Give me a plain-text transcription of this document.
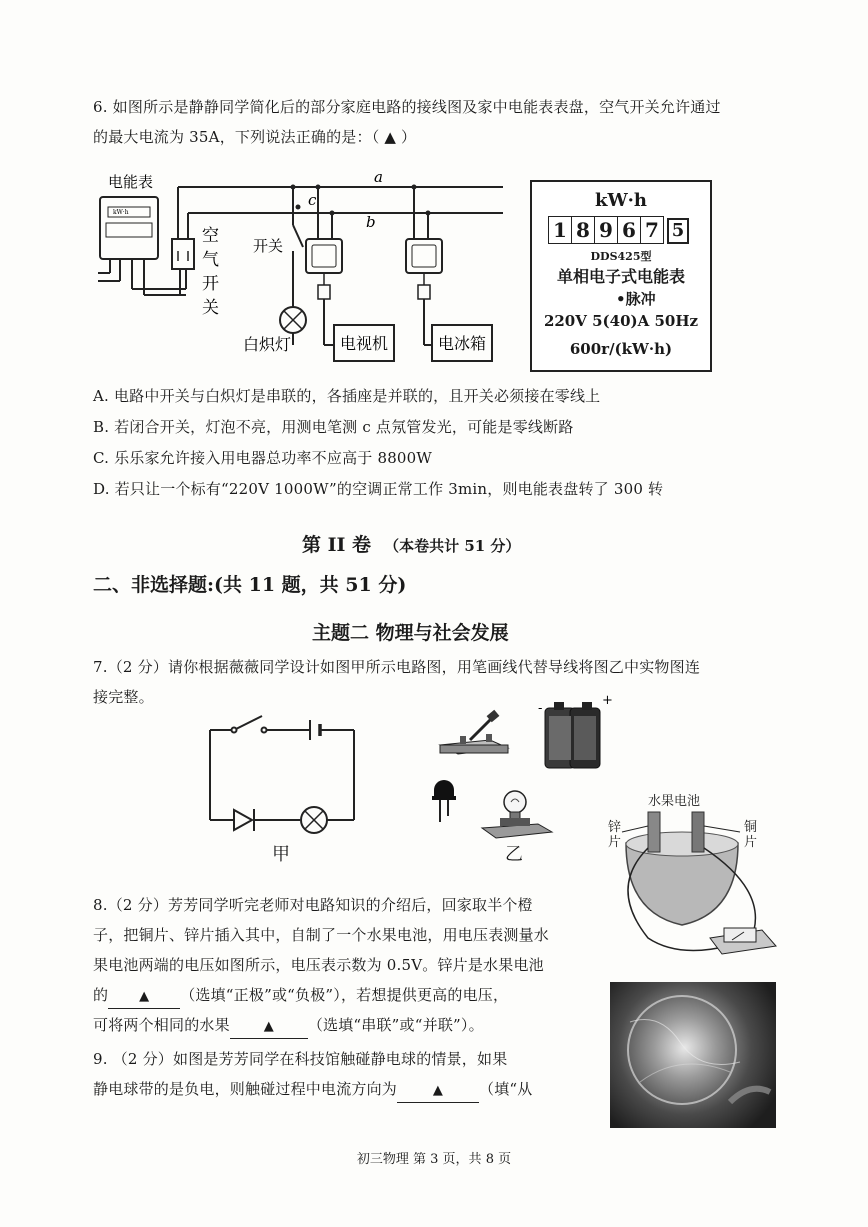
6. 如图所示是静静同学简化后的部分家庭电路的接线图及家中电能表表盘，空气开关允许通过
的最大电流为 35A，下列说法正确的是：（ ▲ ）
电能表
空
气
开
关
开关
白炽灯	电视机	电冰箱
a
b
c
kW·h
kW·h
1 8 9 6 7 5
DDS425型
单相电子式电能表
•脉冲
220V 5(40)A 50Hz
600r/(kW·h)
A. 电路中开关与白炽灯是串联的，各插座是并联的，且开关必须接在零线上
B. 若闭合开关，灯泡不亮，用测电笔测 c 点氖管发光，可能是零线断路
C. 乐乐家允许接入用电器总功率不应高于 8800W
D. 若只让一个标有“220V 1000W”的空调正常工作 3min，则电能表盘转了 300 转
第 II 卷 （本卷共计 51 分）
二、非选择题:(共 11 题，共 51 分)
主题二 物理与社会发展
7.（2 分）请你根据薇薇同学设计如图甲所示电路图，用笔画线代替导线将图乙中实物图连
接完整。
甲
-
+
乙
水果电池
锌
片
铜
片
8.（2 分）芳芳同学听完老师对电路知识的介绍后，回家取半个橙
子，把铜片、锌片插入其中，自制了一个水果电池，用电压表测量水
果电池两端的电压如图所示，电压表示数为 0.5V。锌片是水果电池
的 ▲ （选填“正极”或“负极”），若想提供更高的电压，
可将两个相同的水果	▲ （选填“串联”或“并联”）。
9. （2 分）如图是芳芳同学在科技馆触碰静电球的情景，如果
静电球带的是负电，则触碰过程中电流方向为	▲ （填“从
初三物理 第 3 页，共 8 页
